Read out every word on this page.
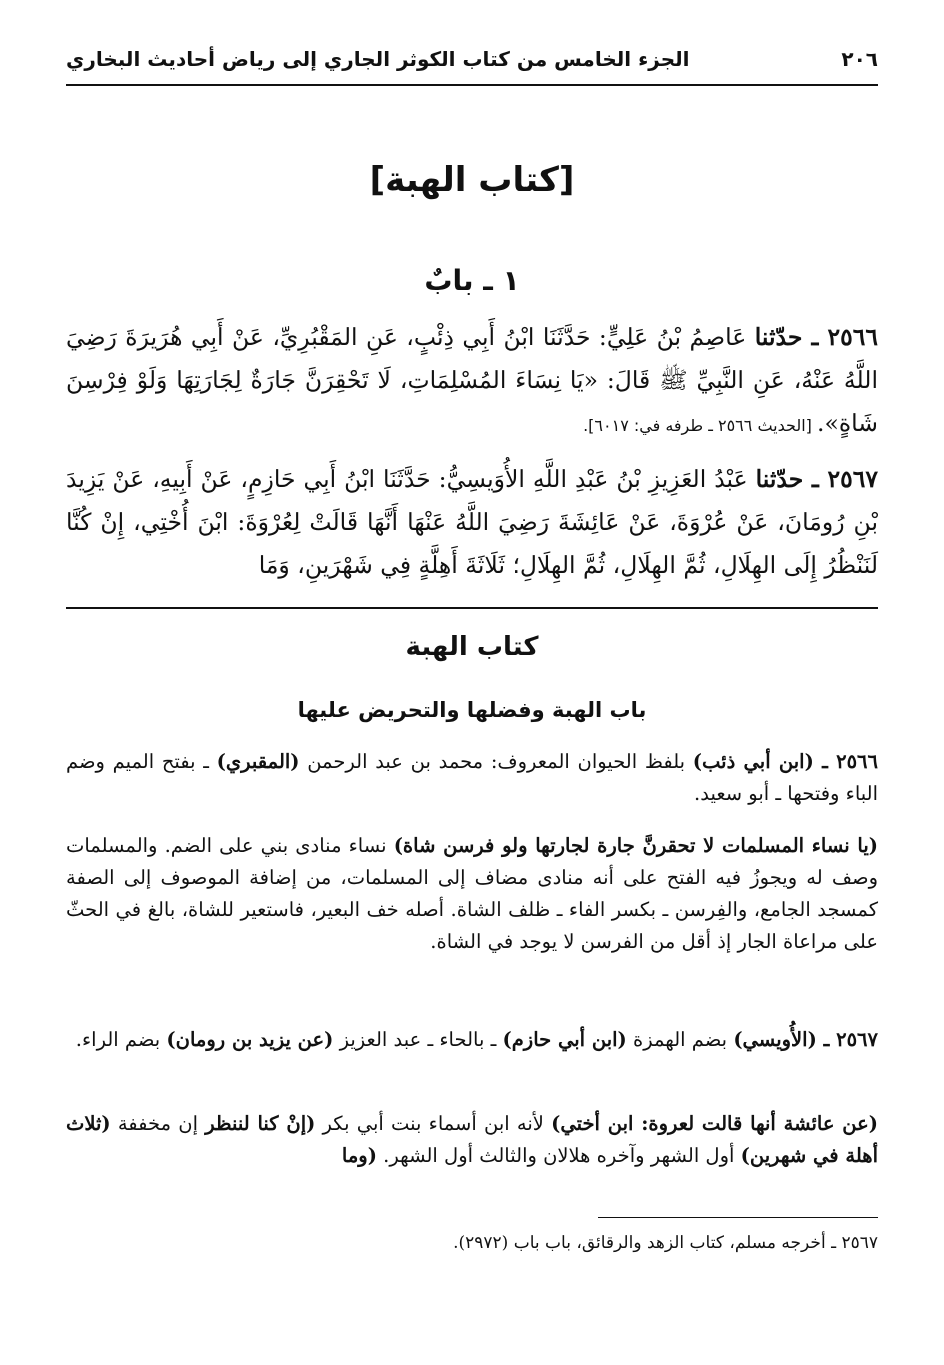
٢٠٦
الجزء الخامس من كتاب الكوثر الجاري إلى رياض أحاديث البخاري
[كتاب الهبة]
١ ـ بابٌ
٢٥٦٦ ـ حدّثنا عَاصِمُ بْنُ عَلِيٍّ: حَدَّثَنَا ابْنُ أَبِي ذِئْبٍ، عَنِ المَقْبُرِيِّ، عَنْ أَبِي هُرَيرَةَ رَضِيَ اللَّهُ عَنْهُ، عَنِ النَّبِيِّ ﷺ قَالَ: «يَا نِسَاءَ المُسْلِمَاتِ، لَا تَحْقِرَنَّ جَارَةٌ لِجَارَتِهَا وَلَوْ فِرْسِنَ شَاةٍ». [الحديث ٢٥٦٦ ـ طرفه في: ٦٠١٧].
٢٥٦٧ ـ حدّثنا عَبْدُ العَزِيزِ بْنُ عَبْدِ اللَّهِ الأُوَيسِيُّ: حَدَّثَنَا ابْنُ أَبِي حَازِمٍ، عَنْ أَبِيهِ، عَنْ يَزِيدَ بْنِ رُومَانَ، عَنْ عُرْوَةَ، عَنْ عَائِشَةَ رَضِيَ اللَّهُ عَنْهَا أَنَّهَا قَالَتْ لِعُرْوَةَ: ابْنَ أُخْتِي، إِنْ كُنَّا لَنَنْظُرُ إِلَى الهِلَالِ، ثُمَّ الهِلَالِ، ثُمَّ الهِلَالِ؛ ثَلَاثَةَ أَهِلَّةٍ فِي شَهْرَينِ، وَمَا
كتاب الهبة
باب الهبة وفضلها والتحريض عليها
٢٥٦٦ ـ (ابن أبي ذئب) بلفظ الحيوان المعروف: محمد بن عبد الرحمن (المقبري) ـ بفتح الميم وضم الباء وفتحها ـ أبو سعيد.
(يا نساء المسلمات لا تحقرنَّ جارة لجارتها ولو فرسن شاة) نساء منادى بني على الضم. والمسلمات وصف له ويجوزُ فيه الفتح على أنه منادى مضاف إلى المسلمات، من إضافة الموصوف إلى الصفة كمسجد الجامع، والفِرسن ـ بكسر الفاء ـ ظلف الشاة. أصله خف البعير، فاستعير للشاة، بالغ في الحثّ على مراعاة الجار إذ أقل من الفرسن لا يوجد في الشاة.
٢٥٦٧ ـ (الأُويسي) بضم الهمزة (ابن أبي حازم) ـ بالحاء ـ عبد العزيز (عن يزيد بن رومان) بضم الراء.
(عن عائشة أنها قالت لعروة: ابن أختي) لأنه ابن أسماء بنت أبي بكر (إنْ كنا لننظر إن مخففة (ثلاث أهلة في شهرين) أول الشهر وآخره هلالان والثالث أول الشهر. (وما
٢٥٦٧ ـ أخرجه مسلم، كتاب الزهد والرقائق، باب باب (٢٩٧٢).
